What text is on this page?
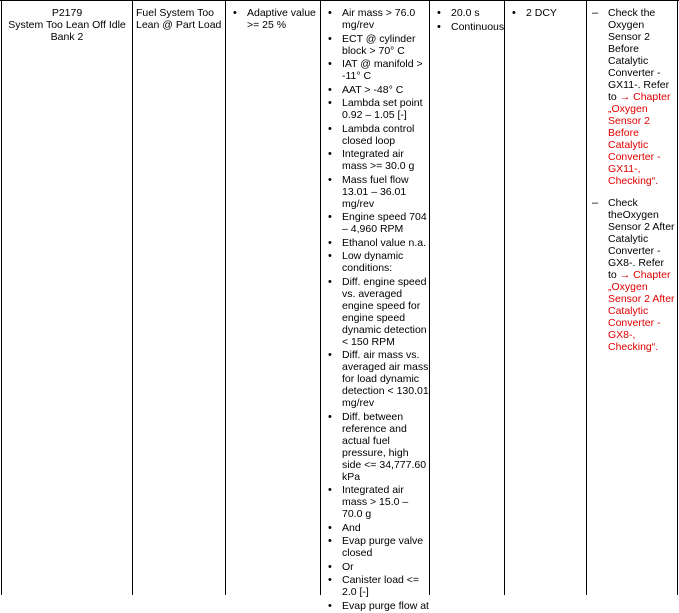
P2179
System Too Lean Off Idle Bank 2
Fuel System Too Lean @ Part Load
• Adaptive value >= 25 %
• Air mass > 76.0 mg/rev
• ECT @ cylinder block > 70° C
• IAT @ manifold > -11° C
• AAT > -48° C
• Lambda set point 0.92 – 1.05 [-]
• Lambda control closed loop
• Integrated air mass >= 30.0 g
• Mass fuel flow 13.01 – 36.01 mg/rev
• Engine speed 704 – 4,960 RPM
• Ethanol value n.a.
• Low dynamic conditions:
• Diff. engine speed vs. averaged engine speed for engine speed dynamic detection < 150 RPM
• Diff. air mass vs. averaged air mass for load dynamic detection < 130.01 mg/rev
• Diff. between reference and actual fuel pressure, high side <= 34,777.60 kPa
• Integrated air mass > 15.0 – 70.0 g
• And
• Evap purge valve closed
• Or
• Canister load <= 2.0 [-]
• Evap purge flow at
• 20.0 s
• Continuous
• 2 DCY
–	Check the Oxygen Sensor 2 Before Catalytic Converter - GX11-. Refer to → Chapter „Oxygen Sensor 2 Before Catalytic Converter - GX11-, Checking“.
– Check theOxygen Sensor 2 After Catalytic Converter - GX8-. Refer to → Chapter „Oxygen Sensor 2 After Catalytic Converter - GX8-, Checking“.
